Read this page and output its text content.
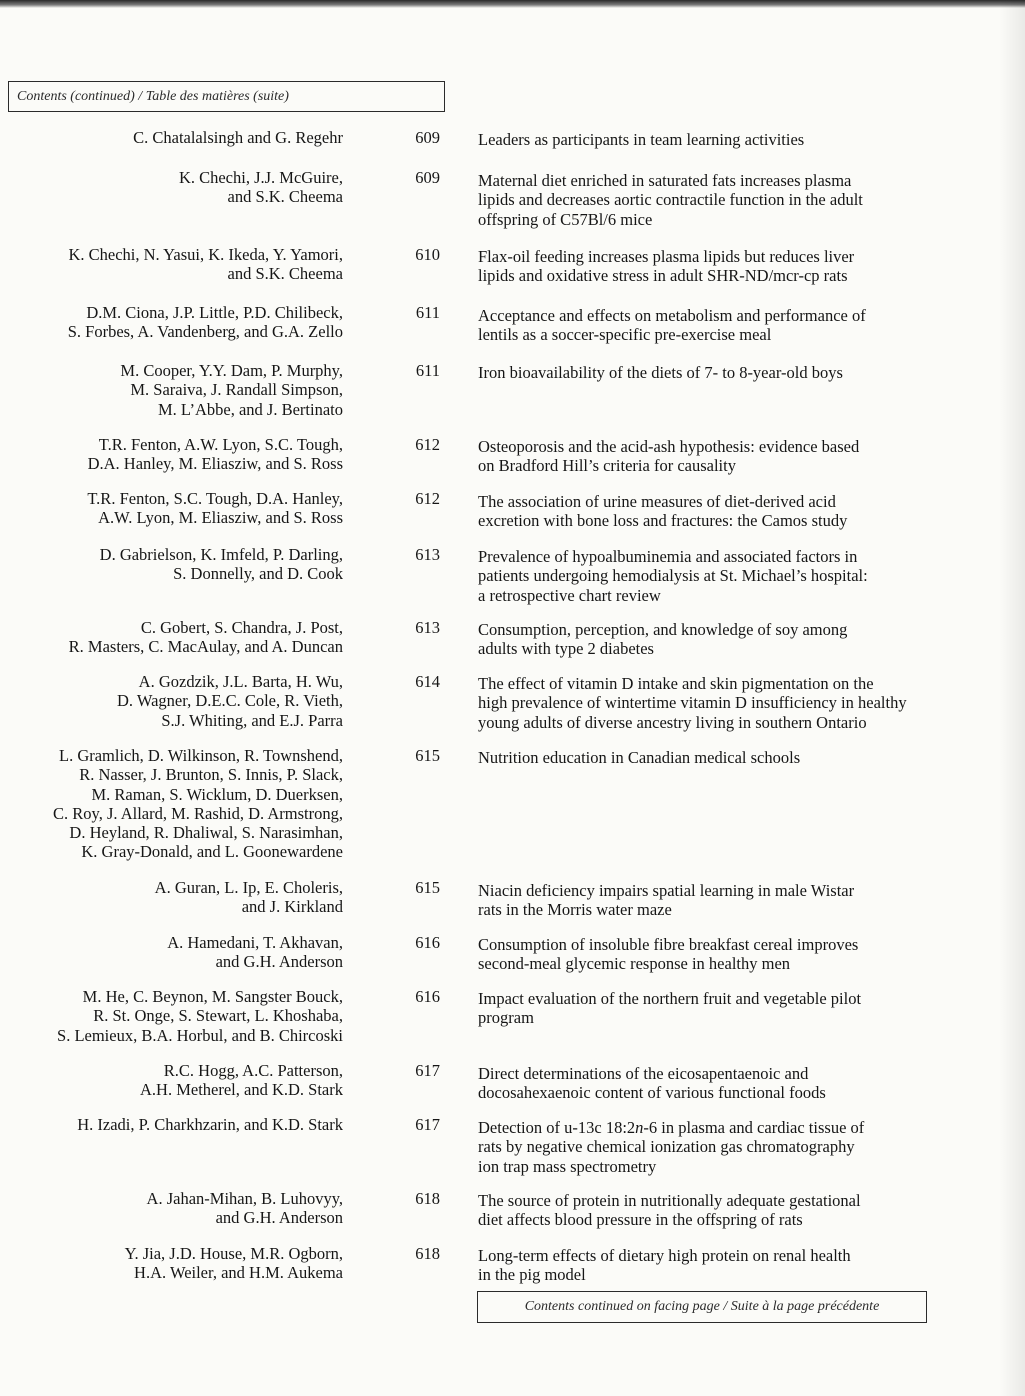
Contents (continued) / Table des matières (suite)
C. Chatalalsingh and G. Regehr	609 Leaders as participants in team learning activities
K. Chechi, J.J. McGuire,
and S.K. Cheema
609 Maternal diet enriched in saturated fats increases plasma
lipids and decreases aortic contractile function in the adult
offspring of C57Bl/6 mice
K. Chechi, N. Yasui, K. Ikeda, Y. Yamori,
and S.K. Cheema
610 Flax-oil feeding increases plasma lipids but reduces liver
lipids and oxidative stress in adult SHR-ND/mcr-cp rats
D.M. Ciona, J.P. Little, P.D. Chilibeck,
S. Forbes, A. Vandenberg, and G.A. Zello
611 Acceptance and effects on metabolism and performance of
lentils as a soccer-specific pre-exercise meal
M. Cooper, Y.Y. Dam, P. Murphy,
M. Saraiva, J. Randall Simpson,
M. L’Abbe, and J. Bertinato
611 Iron bioavailability of the diets of 7- to 8-year-old boys
T.R. Fenton, A.W. Lyon, S.C. Tough,
D.A. Hanley, M. Eliasziw, and S. Ross
612 Osteoporosis and the acid-ash hypothesis: evidence based
on Bradford Hill’s criteria for causality
T.R. Fenton, S.C. Tough, D.A. Hanley,
A.W. Lyon, M. Eliasziw, and S. Ross
612 The association of urine measures of diet-derived acid
excretion with bone loss and fractures: the Camos study
D. Gabrielson, K. Imfeld, P. Darling,
S. Donnelly, and D. Cook
613 Prevalence of hypoalbuminemia and associated factors in
patients undergoing hemodialysis at St. Michael’s hospital:
a retrospective chart review
C. Gobert, S. Chandra, J. Post,
R. Masters, C. MacAulay, and A. Duncan
613 Consumption, perception, and knowledge of soy among
adults with type 2 diabetes
A. Gozdzik, J.L. Barta, H. Wu,
D. Wagner, D.E.C. Cole, R. Vieth,
S.J. Whiting, and E.J. Parra
614 The effect of vitamin D intake and skin pigmentation on the
high prevalence of wintertime vitamin D insufficiency in healthy
young adults of diverse ancestry living in southern Ontario
L. Gramlich, D. Wilkinson, R. Townshend,
R. Nasser, J. Brunton, S. Innis, P. Slack,
M. Raman, S. Wicklum, D. Duerksen,
C. Roy, J. Allard, M. Rashid, D. Armstrong,
D. Heyland, R. Dhaliwal, S. Narasimhan,
K. Gray-Donald, and L. Goonewardene
615 Nutrition education in Canadian medical schools
A. Guran, L. Ip, E. Choleris,
and J. Kirkland
615 Niacin deficiency impairs spatial learning in male Wistar
rats in the Morris water maze
A. Hamedani, T. Akhavan,
and G.H. Anderson
616 Consumption of insoluble fibre breakfast cereal improves
second-meal glycemic response in healthy men
M. He, C. Beynon, M. Sangster Bouck,
R. St. Onge, S. Stewart, L. Khoshaba,
S. Lemieux, B.A. Horbul, and B. Chircoski
616 Impact evaluation of the northern fruit and vegetable pilot
program
R.C. Hogg, A.C. Patterson,
A.H. Metherel, and K.D. Stark
617 Direct determinations of the eicosapentaenoic and
docosahexaenoic content of various functional foods
H. Izadi, P. Charkhzarin, and K.D. Stark	617 Detection of u-13c 18:2n-6 in plasma and cardiac tissue of
rats by negative chemical ionization gas chromatography
ion trap mass spectrometry
A. Jahan-Mihan, B. Luhovyy,
and G.H. Anderson
618 The source of protein in nutritionally adequate gestational
diet affects blood pressure in the offspring of rats
Y. Jia, J.D. House, M.R. Ogborn,
H.A. Weiler, and H.M. Aukema
618 Long-term effects of dietary high protein on renal health
in the pig model
Contents continued on facing page / Suite à la page précédente
